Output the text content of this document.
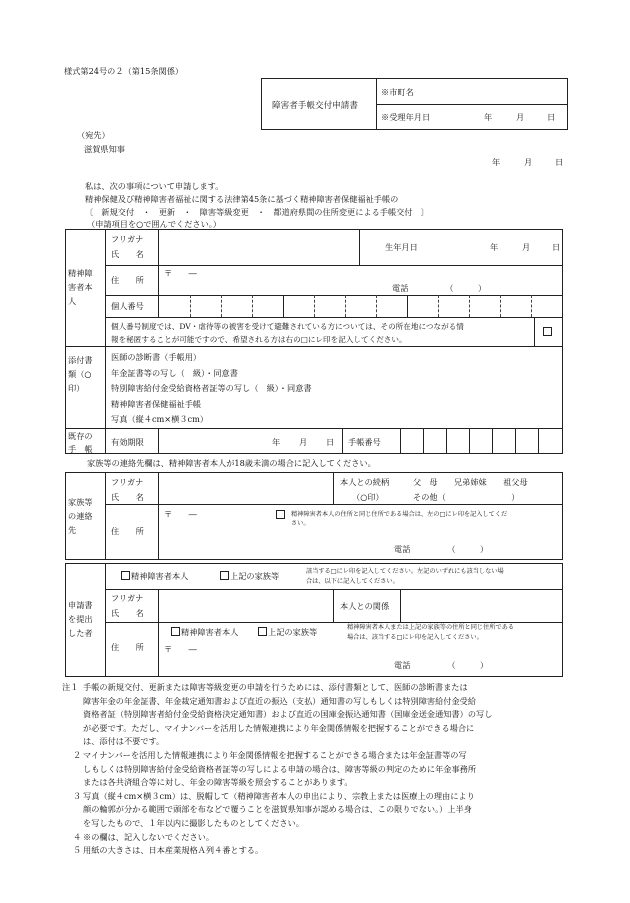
様式第24号の２（第15条関係）
障害者手帳交付申請書
※市町名
※受理年月日	年	月	日
（宛先）
滋賀県知事
年	月	日
私は、次の事項について申請します。
精神保健及び精神障害者福祉に関する法律第45条に基づく精神障害者保健福祉手帳の
〔　新規交付　・　更新　・　障害等級変更　・　都道府県間の住所変更による手帳交付　〕
（申請項目を○で囲んでください。）
精神障
害者本
人
フリガナ
氏　　名
生年月日	年	月	日
住　　所
〒　　―
電話　　　　　（　　　）
個人番号
個人番号制度では、DV・虐待等の被害を受けて避難されている方については、その所在地につながる情
報を秘匿することが可能ですので、希望される方は右の□にレ印を記入してください。
添付書
類（○
印）
医師の診断書（手帳用）
年金証書等の写し（　級）・同意書
特別障害給付金受給資格者証等の写し（　級）・同意書
精神障害者保健福祉手帳
写真（縦４cm×横３cm）
既存の
手　帳
有効期限	年 月 日 手帳番号
家族等の連絡先欄は、精神障害者本人が18歳未満の場合に記入してください。
家族等
の連絡
先
フリガナ
氏　　名
本人との続柄
（○印）
父　母　　兄弟姉妹　　祖父母
その他（　　　　　　　　）
住　　所
〒　　―	精神障害者本人の住所と同じ住所である場合は、左の□にレ印を記入してくだ
さい。
電話　　　　　（　　　）
申請書
を提出
した者
精神障害者本人	上記の家族等	該当する□にレ印を記入してください。左記のいずれにも該当しない場
合は、以下に記入してください。
フリガナ
氏　　名
本人との関係
住　　所
精神障害者本人	上記の家族等	精神障害者本人または上記の家族等の住所と同じ住所である
場合は、該当する□にレ印を記入してください。
〒　　―
電話　　　　　（　　　）
注１ 手帳の新規交付、更新または障害等級変更の申請を行うためには、添付書類として、医師の診断書または
障害年金の年金証書、年金裁定通知書および直近の振込（支払）通知書の写しもしくは特別障害給付金受給
資格者証（特別障害者給付金受給資格決定通知書）および直近の国庫金振込通知書（国庫金送金通知書）の写し
が必要です。ただし、マイナンバーを活用した情報連携により年金関係情報を把握することができる場合に
は、添付は不要です。
２ マイナンバーを活用した情報連携により年金関係情報を把握することができる場合または年金証書等の写
しもしくは特別障害給付金受給資格者証等の写しによる申請の場合は、障害等級の判定のために年金事務所
または各共済組合等に対し、年金の障害等級を照会することがあります。
３ 写真（縦４cm×横３cm）は、脱帽して（精神障害者本人の申出により、宗教上または医療上の理由により
顔の輪郭が分かる範囲で頭部を布などで覆うことを滋賀県知事が認める場合は、この限りでない。）上半身
を写したもので、１年以内に撮影したものとしてください。
４ ※の欄は、記入しないでください。
５ 用紙の大きさは、日本産業規格Ａ列４番とする。
